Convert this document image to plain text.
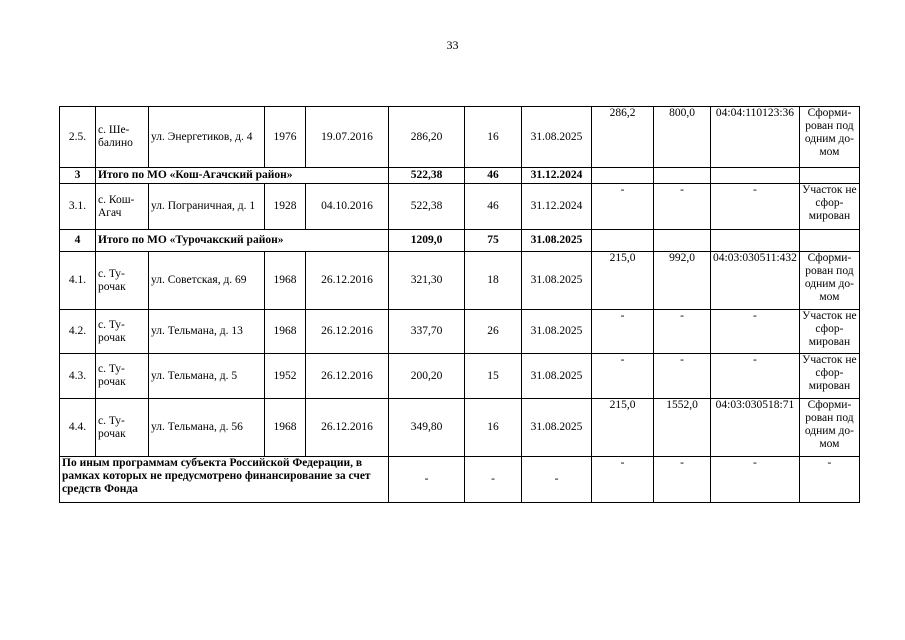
33
2.5.	с. Ше-балино	ул. Энергетиков, д. 4	1976	19.07.2016	286,20	16	31.08.2025	286,2	800,0	04:04:110123:36	Сформи-рован под одним до-мом
3	Итого по МО «Кош-Агачский район»				522,38	46	31.12.2024				
3.1.	с. Кош-Агач	ул. Пограничная, д. 1	1928	04.10.2016	522,38	46	31.12.2024	-	-	-	Участок не сфор-мирован
4	Итого по МО «Турочакский район»				1209,0	75	31.08.2025				
4.1.	с. Ту-рочак	ул. Советская, д. 69	1968	26.12.2016	321,30	18	31.08.2025	215,0	992,0	04:03:030511:432	Сформи-рован под одним до-мом
4.2.	с. Ту-рочак	ул. Тельмана, д. 13	1968	26.12.2016	337,70	26	31.08.2025	-	-	-	Участок не сфор-мирован
4.3.	с. Ту-рочак	ул. Тельмана, д. 5	1952	26.12.2016	200,20	15	31.08.2025	-	-	-	Участок не сфор-мирован
4.4.	с. Ту-рочак	ул. Тельмана, д. 56	1968	26.12.2016	349,80	16	31.08.2025	215,0	1552,0	04:03:030518:71	Сформи-рован под одним до-мом
По иным программам субъекта Российской Федерации, в рамках которых не предусмотрено финансирование за счет средств Фонда					-	-	-	-	-	-	-
